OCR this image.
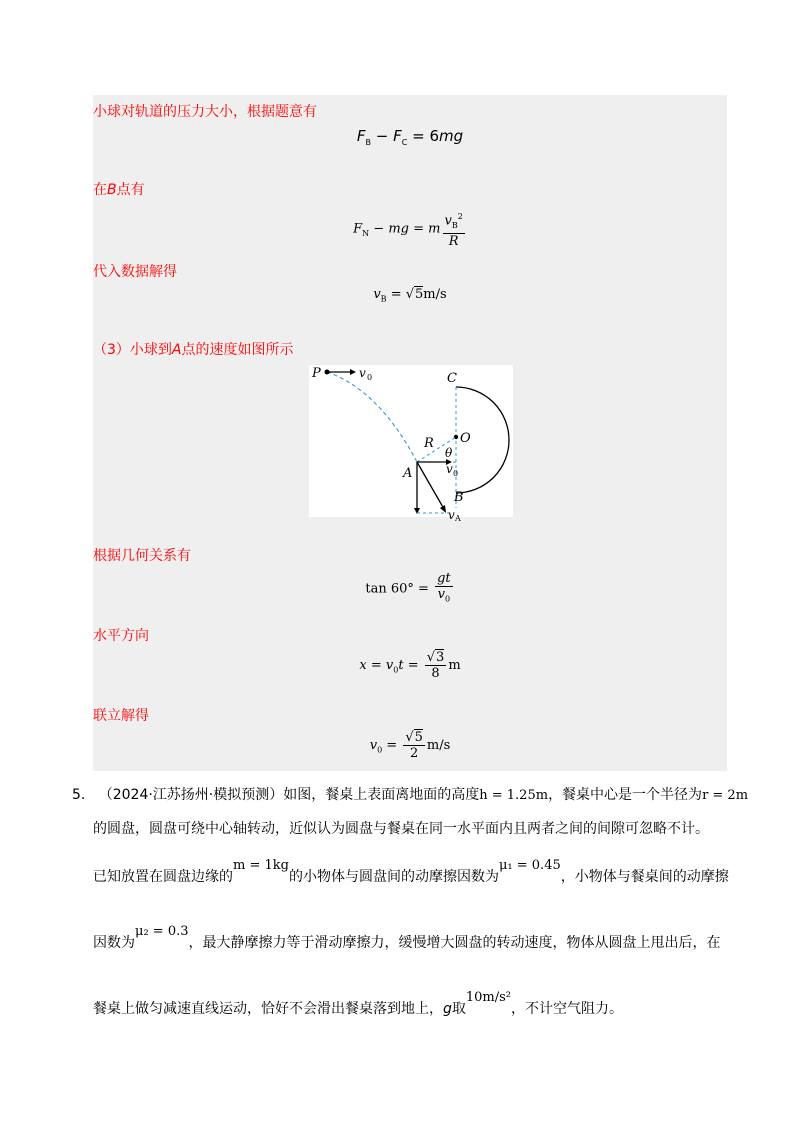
小球对轨道的压力大小，根据题意有
$F_B - F_C = 6mg$
在B点有
$F_N$ − mg = m $\frac{v_B^2}{R}$
代入数据解得
$v_B = √5m/s$
（3）小球到A点的速度如图所示
P	v 0	C
O
R
θ
v 0
A
B
v A
根据几何关系有
$\tan 60^\circ = \frac{gt}{v_0}$
水平方向
$x = v_0t = \frac{√3}{8}$ m
联立解得
$v_0 = \frac{√5}{2} m/s$
5. （2024·江苏扬州·模拟预测）如图，餐桌上表面离地面的高度h = 1.25m，餐桌中心是一个半径为r = 2m
的圆盘，圆盘可绕中心轴转动，近似认为圆盘与餐桌在同一水平面内且两者之间的间隙可忽略不计。
已知放置在圆盘边缘的m = 1kg的小物体与圆盘间的动摩擦因数为μ₁ = 0.45，小物体与餐桌间的动摩擦
因数为μ₂ = 0.3，最大静摩擦力等于滑动摩擦力，缓慢增大圆盘的转动速度，物体从圆盘上甩出后，在
餐桌上做匀减速直线运动，恰好不会滑出餐桌落到地上，g取10m/s²，不计空气阻力。
